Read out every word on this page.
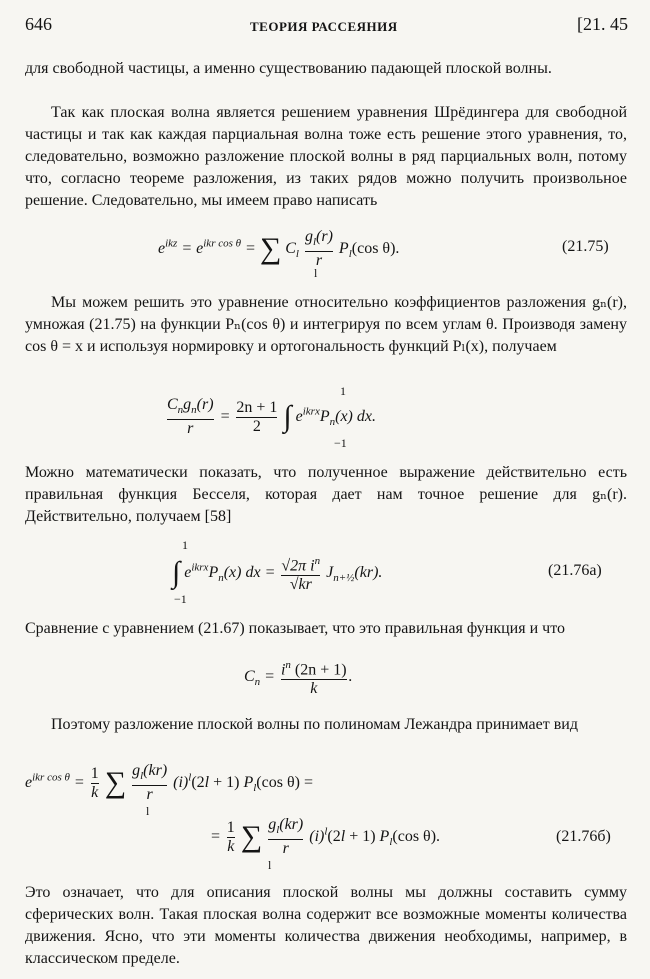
646	ТЕОРИЯ РАССЕЯНИЯ	[21. 45
для свободной частицы, а именно существованию падающей плоской волны.
Так как плоская волна является решением уравнения Шрёдингера для свободной частицы и так как каждая парциальная волна тоже есть решение этого уравнения, то, следовательно, возможно разложение плоской волны в ряд парциальных волн, потому что, согласно теореме разложения, из таких рядов можно получить произвольное решение. Следовательно, мы имеем право написать
$e^{ikz} = e^{ikr cos \theta}$ = ∑ $C_l \frac{g_l(r)}{r} P_l(\cos$ θ).
l
(21.75)
Мы можем решить это уравнение относительно коэффициентов разложения gₙ(r), умножая (21.75) на функции Pₙ(cos θ) и интегрируя по всем углам θ. Производя замену cos θ = x и используя нормировку и ортогональность функций Pₗ(x), получаем
$\frac{C_ng_n(r)}{r} = \frac{2n + 1}{2}$ ∫ $e^{ikrx}P_n(x)$ dx.
1
−1
Можно математически показать, что полученное выражение действительно есть правильная функция Бесселя, которая дает нам точное решение для gₙ(r). Действительно, получаем [58]
∫ $e^{ikrx}P_n(x)$ dx = $\frac{√2\pi i^n}{√kr} J_{n+\frac{1}{2}}(kr)$.
1
−1
(21.76a)
Сравнение с уравнением (21.67) показывает, что это правильная функция и что
$C_n = \frac{i^n (2n + 1)}{k}$ .
Поэтому разложение плоской волны по полиномам Лежандра принимает вид
$e^{ikr cos \theta} = \frac{1}{k}$ ∑ $\frac{g_l(kr)}{r} (i)^l(2l + 1)$ $P_l(\cos$ θ) =
l
= $\frac{1}{k}$ ∑ $\frac{g_l(kr)}{r} (i)^l(2l + 1)$ $P_l(\cos$ θ).
l
(21.76б)
Это означает, что для описания плоской волны мы должны составить сумму сферических волн. Такая плоская волна содержит все возможные моменты количества движения. Ясно, что эти моменты количества движения необходимы, например, в классическом пределе.
